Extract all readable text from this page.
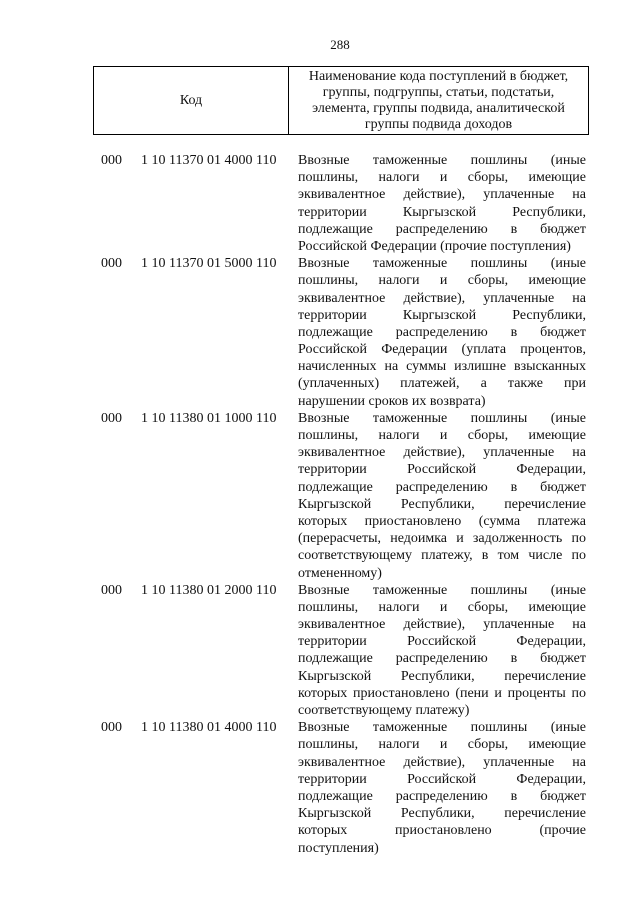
288
Код
Наименование кода поступлений в бюджет, группы, подгруппы, статьи, подстатьи, элемента, группы подвида, аналитической группы подвида доходов
000 1 10 11370 01 4000 110 Ввозные таможенные пошлины (иные
пошлины, налоги и сборы, имеющие
эквивалентное действие), уплаченные на
территории Кыргызской Республики,
подлежащие распределению в бюджет
Российской Федерации (прочие поступления)
000 1 10 11370 01 5000 110 Ввозные таможенные пошлины (иные
пошлины, налоги и сборы, имеющие
эквивалентное действие), уплаченные на
территории Кыргызской Республики,
подлежащие распределению в бюджет
Российской Федерации (уплата процентов,
начисленных на суммы излишне взысканных
(уплаченных) платежей, а также при
нарушении сроков их возврата)
000 1 10 11380 01 1000 110 Ввозные таможенные пошлины (иные
пошлины, налоги и сборы, имеющие
эквивалентное действие), уплаченные на
территории Российской Федерации,
подлежащие распределению в бюджет
Кыргызской Республики, перечисление
которых приостановлено (сумма платежа
(перерасчеты, недоимка и задолженность по
соответствующему платежу, в том числе по
отмененному)
000 1 10 11380 01 2000 110 Ввозные таможенные пошлины (иные
пошлины, налоги и сборы, имеющие
эквивалентное действие), уплаченные на
территории Российской Федерации,
подлежащие распределению в бюджет
Кыргызской Республики, перечисление
которых приостановлено (пени и проценты по
соответствующему платежу)
000 1 10 11380 01 4000 110 Ввозные таможенные пошлины (иные
пошлины, налоги и сборы, имеющие
эквивалентное действие), уплаченные на
территории Российской Федерации,
подлежащие распределению в бюджет
Кыргызской Республики, перечисление
которых приостановлено (прочие
поступления)
